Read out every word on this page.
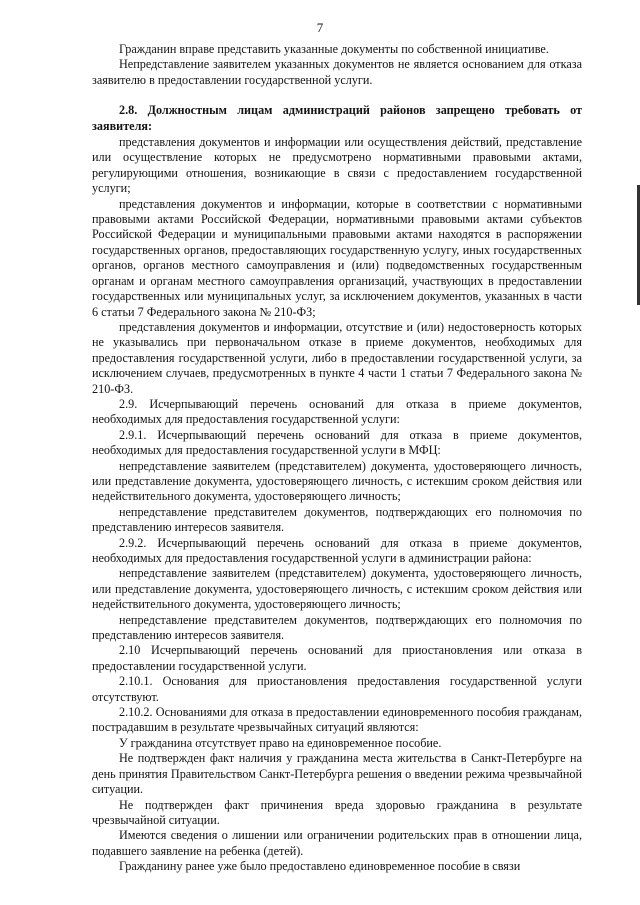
7

Гражданин вправе представить указанные документы по собственной инициативе.

Непредставление заявителем указанных документов не является основанием для отказа заявителю в предоставлении государственной услуги.

2.8. Должностным лицам администраций районов запрещено требовать от заявителя:

представления документов и информации или осуществления действий, представление или осуществление которых не предусмотрено нормативными правовыми актами, регулирующими отношения, возникающие в связи с предоставлением государственной услуги;

представления документов и информации, которые в соответствии с нормативными правовыми актами Российской Федерации, нормативными правовыми актами субъектов Российской Федерации и муниципальными правовыми актами находятся в распоряжении государственных органов, предоставляющих государственную услугу, иных государственных органов, органов местного самоуправления и (или) подведомственных государственным органам и органам местного самоуправления организаций, участвующих в предоставлении государственных или муниципальных услуг, за исключением документов, указанных в части 6 статьи 7 Федерального закона № 210-ФЗ;

представления документов и информации, отсутствие и (или) недостоверность которых не указывались при первоначальном отказе в приеме документов, необходимых для предоставления государственной услуги, либо в предоставлении государственной услуги, за исключением случаев, предусмотренных в пункте 4 части 1 статьи 7 Федерального закона № 210-ФЗ.

2.9. Исчерпывающий перечень оснований для отказа в приеме документов, необходимых для предоставления государственной услуги:

2.9.1. Исчерпывающий перечень оснований для отказа в приеме документов, необходимых для предоставления государственной услуги в МФЦ:

непредставление заявителем (представителем) документа, удостоверяющего личность, или представление документа, удостоверяющего личность, с истекшим сроком действия или недействительного документа, удостоверяющего личность;

непредставление представителем документов, подтверждающих его полномочия по представлению интересов заявителя.

2.9.2. Исчерпывающий перечень оснований для отказа в приеме документов, необходимых для предоставления государственной услуги в администрации района:

непредставление заявителем (представителем) документа, удостоверяющего личность, или представление документа, удостоверяющего личность, с истекшим сроком действия или недействительного документа, удостоверяющего личность;

непредставление представителем документов, подтверждающих его полномочия по представлению интересов заявителя.

2.10 Исчерпывающий перечень оснований для приостановления или отказа в предоставлении государственной услуги.

2.10.1. Основания для приостановления предоставления государственной услуги отсутствуют.

2.10.2. Основаниями для отказа в предоставлении единовременного пособия гражданам, пострадавшим в результате чрезвычайных ситуаций являются:

У гражданина отсутствует право на единовременное пособие.

Не подтвержден факт наличия у гражданина места жительства в Санкт-Петербурге на день принятия Правительством Санкт-Петербурга решения о введении режима чрезвычайной ситуации.

Не подтвержден факт причинения вреда здоровью гражданина в результате чрезвычайной ситуации.

Имеются сведения о лишении или ограничении родительских прав в отношении лица, подавшего заявление на ребенка (детей).

Гражданину ранее уже было предоставлено единовременное пособие в связи
